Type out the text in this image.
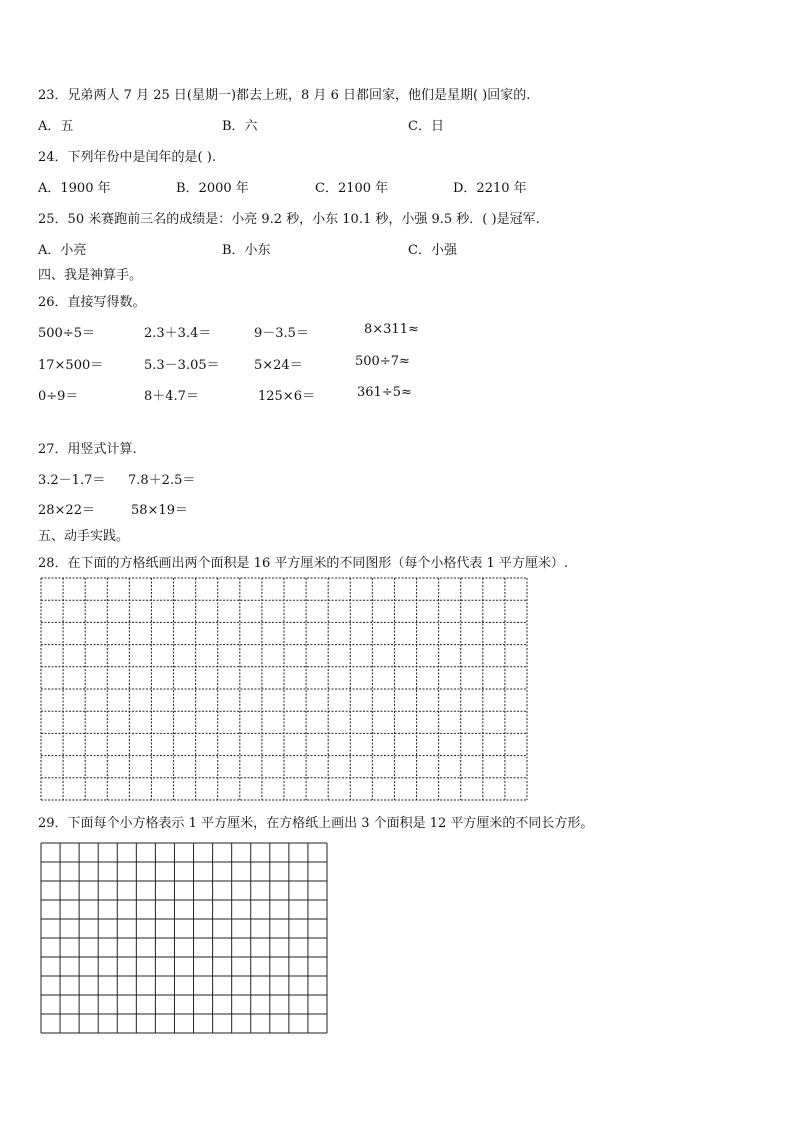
23．兄弟两人 7 月 25 日(星期一)都去上班，8 月 6 日都回家，他们是星期( )回家的.
A．五	B．六	C．日
24．下列年份中是闰年的是( ).
A．1900 年	B．2000 年	C．2100 年	D．2210 年
25．50 米赛跑前三名的成绩是：小亮 9.2 秒，小东 10.1 秒，小强 9.5 秒．( )是冠军.
A．小亮	B．小东	C．小强
四、我是神算手。
26．直接写得数。
500÷5＝	2.3＋3.4＝	9－3.5＝	8×311≈
17×500＝	5.3－3.05＝	5×24＝	500÷7≈
0÷9＝	8＋4.7＝	125×6＝	361÷5≈
27．用竖式计算.
3.2－1.7＝ 7.8＋2.5＝
28×22＝	58×19＝
五、动手实践。
28．在下面的方格纸画出两个面积是 16 平方厘米的不同图形（每个小格代表 1 平方厘米）.
29．下面每个小方格表示 1 平方厘米，在方格纸上画出 3 个面积是 12 平方厘米的不同长方形。
